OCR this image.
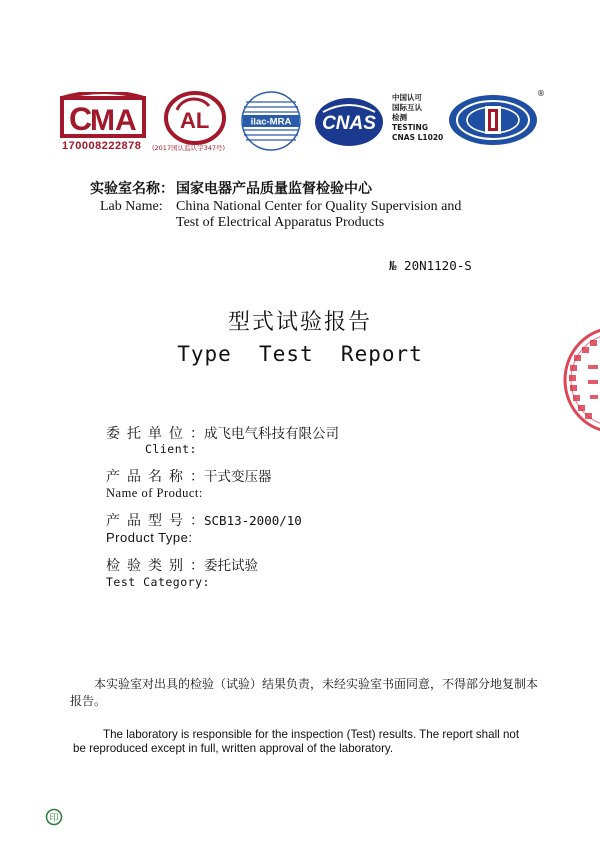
C
MA
170008222878 (2017国认监认字347号)
AL	ilac-MRA CNAS
中国认可
国际互认
检测
TESTING
CNAS L1020
®
实验室名称： 国家电器产品质量监督检验中心
Lab Name: China National Center for Quality Supervision and Test of Electrical Apparatus Products
№ 20N1120-S
型式试验报告
Type  Test  Report
委托单位：成飞电气科技有限公司
Client:
产品名称：干式变压器
Name of Product:
产品型号：SCB13-2000/10
Product Type:
检验类别：委托试验
Test Category:
本实验室对出具的检验（试验）结果负责，未经实验室书面同意，不得部分地复制本报告。
The laboratory is responsible for the inspection (Test) results. The report shall not be reproduced except in full, written approval of the laboratory.
印
